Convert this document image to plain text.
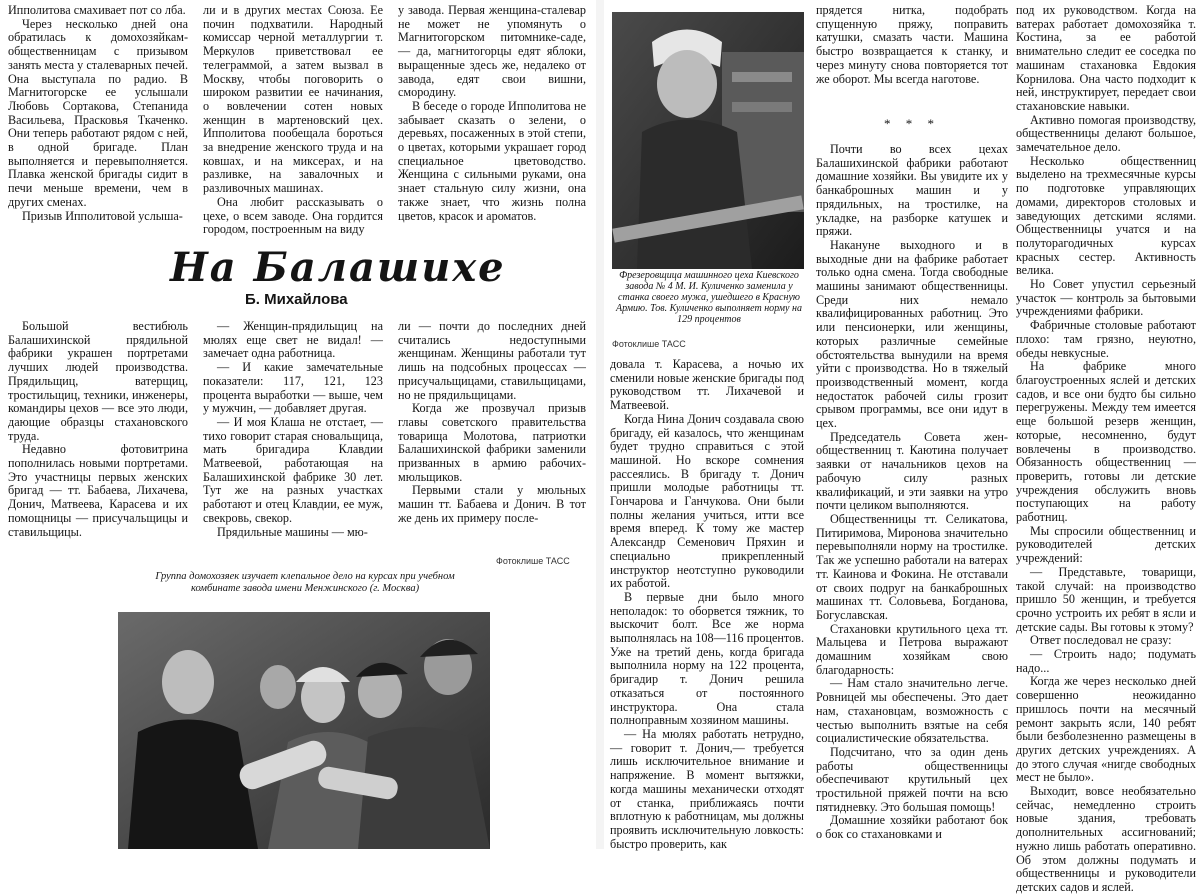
Ипполитова смахивает пот со лба.

Через несколько дней она обратилась к домохозяйкам-общественницам с призывом занять места у сталеварных печей. Она выступала по радио. В Магнитогорске ее услышали Любовь Сортакова, Степанида Васильева, Прасковья Ткаченко. Они теперь работают рядом с ней, в одной бригаде. План выполняется и перевыполняется. Плавка женской бригады сидит в печи меньше времени, чем в других сменах.

Призыв Ипполитовой услыша-

ли и в других местах Союза. Ее почин подхватили. Народный комиссар черной металлургии т. Меркулов приветствовал ее телеграммой, а затем вызвал в Москву, чтобы поговорить о широком развитии ее начинания, о вовлечении сотен новых женщин в мартеновский цех. Ипполитова пообещала бороться за внедрение женского труда и на ковшах, и на миксерах, и на разливке, на завалочных и разливочных машинах.

Она любит рассказывать о цехе, о всем заводе. Она гордится городом, построенным на виду

у завода. Первая женщина-сталевар не может не упомянуть о Магнитогорском питомнике-саде, — да, магнитогорцы едят яблоки, выращенные здесь же, недалеко от завода, едят свои вишни, смородину.

В беседе о городе Ипполитова не забывает сказать о зелени, о деревьях, посаженных в этой степи, о цветах, которыми украшает город специальное цветоводство. Женщина с сильными руками, она знает стальную силу жизни, она также знает, что жизнь полна цветов, красок и ароматов.

На Балашихе
Б. Михайлова

Большой вестибюль Балашихинской прядильной фабрики украшен портретами лучших людей производства. Прядильщиц, ватерщиц, тростильщиц, техники, инженеры, командиры цехов — все это люди, дающие образцы стахановского труда.

Недавно фотовитрина пополнилась новыми портретами. Это участницы первых женских бригад — тт. Бабаева, Лихачева, Донич, Матвеева, Карасева и их помощницы — присучальщицы и ставильщицы.

— Женщин-прядильщиц на мюлях еще свет не видал! — замечает одна работница.

— И какие замечательные показатели: 117, 121, 123 процента выработки — выше, чем у мужчин, — добавляет другая.

— И моя Клаша не отстает, — тихо говорит старая сновальщица, мать бригадира Клавдии Матвеевой, работающая на Балашихинской фабрике 30 лет. Тут же на разных участках работают и отец Клавдии, ее муж, свекровь, свекор.

Прядильные машины — мю-

ли — почти до последних дней считались недоступными женщинам. Женщины работали тут лишь на подсобных процессах — присучальщицами, ставильщицами, но не прядильщицами.

Когда же прозвучал призыв главы советского правительства товарища Молотова, патриотки Балашихинской фабрики заменили призванных в армию рабочих-мюльщиков.

Первыми стали у мюльных машин тт. Бабаева и Донич. В тот же день их примеру после-

Фотоклише ТАСС
Группа домохозяек изучает клепальное дело на курсах при учебном комбинате завода имени Менжинского (г. Москва)
Фрезеровщица машинного цеха Киевского завода № 4 М. И. Куличенко заменила у станка своего мужа, ушедшего в Красную Армию. Тов. Куличенко выполняет норму на 129 процентов
Фотоклише ТАСС

довала т. Карасева, а ночью их сменили новые женские бригады под руководством тт. Лихачевой и Матвеевой.

Когда Нина Донич создавала свою бригаду, ей казалось, что женщинам будет трудно справиться с этой машиной. Но вскоре сомнения рассеялись. В бригаду т. Донич пришли молодые работницы тт. Гончарова и Ганчукова. Они были полны желания учиться, итти все время вперед. К тому же мастер Александр Семенович Пряхин и специально прикрепленный инструктор неотступно руководили их работой.

В первые дни было много неполадок: то оборвется тяжник, то выскочит болт. Все же норма выполнялась на 108—116 процентов. Уже на третий день, когда бригада выполнила норму на 122 процента, бригадир т. Донич решила отказаться от постоянного инструктора. Она стала полноправным хозяином машины.

— На мюлях работать нетрудно, — говорит т. Донич,— требуется лишь исключительное внимание и напряжение. В момент вытяжки, когда машины механически отходят от станка, приближаясь почти вплотную к работницам, мы должны проявить исключительную ловкость: быстро проверить, как

прядется нитка, подобрать спущенную пряжу, поправить катушки, смазать части. Машина быстро возвращается к станку, и через минуту снова повторяется тот же оборот. Мы всегда наготове.

* * *

Почти во всех цехах Балашихинской фабрики работают домашние хозяйки. Вы увидите их у банкаброшных машин и у прядильных, на тростилке, на укладке, на разборке катушек и пряжи.

Накануне выходного и в выходные дни на фабрике работает только одна смена. Тогда свободные машины занимают общественницы. Среди них немало квалифицированных работниц. Это или пенсионерки, или женщины, которых различные семейные обстоятельства вынудили на время уйти с производства. Но в тяжелый производственный момент, когда недостаток рабочей силы грозит срывом программы, все они идут в цех.

Председатель Совета жен-общественниц т. Каютина получает заявки от начальников цехов на рабочую силу разных квалификаций, и эти заявки на утро почти целиком выполняются.

Общественницы тт. Селикатова, Питиримова, Миронова значительно перевыполняли норму на тростилке. Так же успешно работали на ватерах тт. Каинова и Фокина. Не отставали от своих подруг на банкаброшных машинах тт. Соловьева, Богданова, Богуславская.

Стахановки крутильного цеха тт. Мальцева и Петрова выражают домашним хозяйкам свою благодарность:

— Нам стало значительно легче. Ровницей мы обеспечены. Это дает нам, стахановцам, возможность с честью выполнить взятые на себя социалистические обязательства.

Подсчитано, что за один день работы общественницы обеспечивают крутильный цех тростильной пряжей почти на всю пятидневку. Это большая помощь!

Домашние хозяйки работают бок о бок со стахановками и

под их руководством. Когда на ватерах работает домохозяйка т. Костина, за ее работой внимательно следит ее соседка по машинам стахановка Евдокия Корнилова. Она часто подходит к ней, инструктирует, передает свои стахановские навыки.

Активно помогая производству, общественницы делают большое, замечательное дело.

Несколько общественниц выделено на трехмесячные курсы по подготовке управляющих домами, директоров столовых и заведующих детскими яслями. Общественницы учатся и на полуторагодичных курсах красных сестер. Активность велика.

Но Совет упустил серьезный участок — контроль за бытовыми учреждениями фабрики.

Фабричные столовые работают плохо: там грязно, неуютно, обеды невкусные.

На фабрике много благоустроенных яслей и детских садов, и все они будто бы сильно перегружены. Между тем имеется еще большой резерв женщин, которые, несомненно, будут вовлечены в производство. Обязанность общественниц — проверить, готовы ли детские учреждения обслужить вновь поступающих на работу работниц.

Мы спросили общественниц и руководителей детских учреждений:

— Представьте, товарищи, такой случай: на производство пришло 50 женщин, и требуется срочно устроить их ребят в ясли и детские сады. Вы готовы к этому?

Ответ последовал не сразу:

— Строить надо; подумать надо...

Когда же через несколько дней совершенно неожиданно пришлось почти на месячный ремонт закрыть ясли, 140 ребят были безболезненно размещены в других детских учреждениях. А до этого случая «нигде свободных мест не было».

Выходит, вовсе необязательно сейчас, немедленно строить новые здания, требовать дополнительных ассигнований; нужно лишь работать оперативно. Об этом должны подумать и общественницы и руководители детских садов и яслей.
